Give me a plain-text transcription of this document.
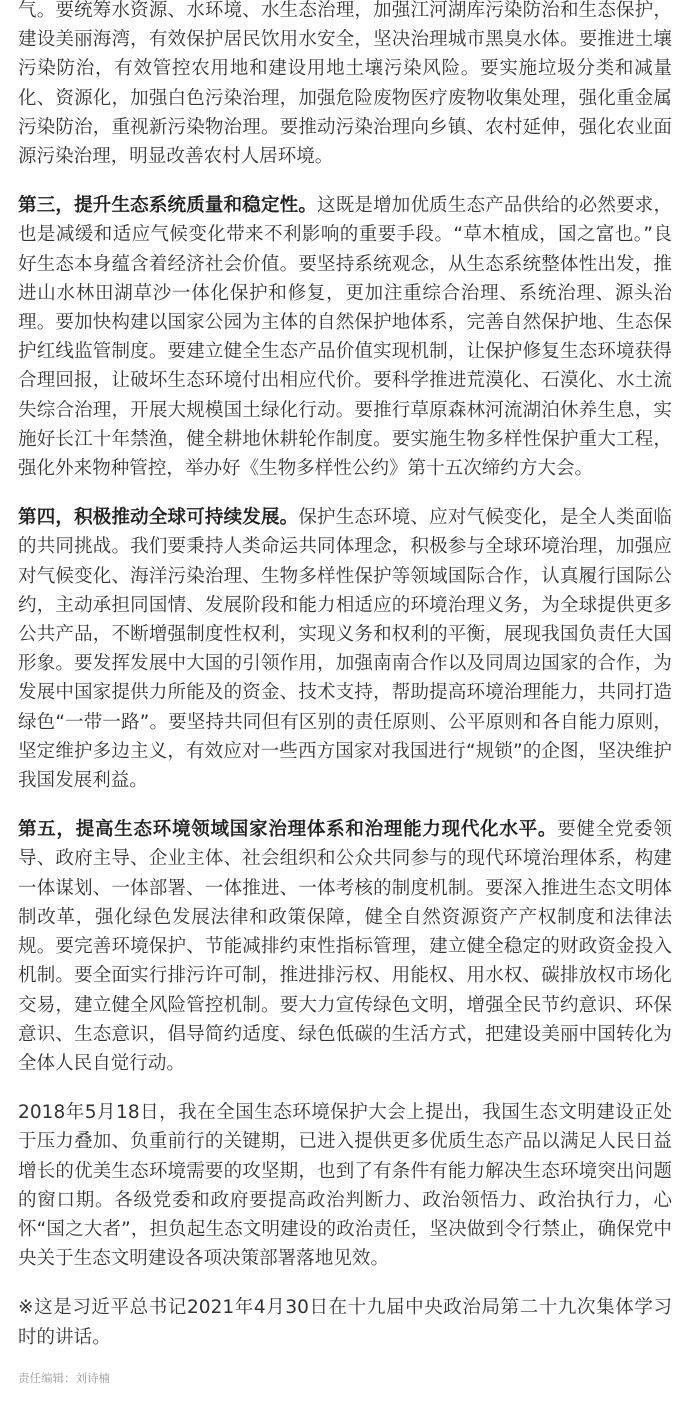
气。要统筹水资源、水环境、水生态治理，加强江河湖库污染防治和生态保护，建设美丽海湾，有效保护居民饮用水安全，坚决治理城市黑臭水体。要推进土壤污染防治，有效管控农用地和建设用地土壤污染风险。要实施垃圾分类和减量化、资源化，加强白色污染治理，加强危险废物医疗废物收集处理，强化重金属污染防治，重视新污染物治理。要推动污染治理向乡镇、农村延伸，强化农业面源污染治理，明显改善农村人居环境。

第三，提升生态系统质量和稳定性。这既是增加优质生态产品供给的必然要求，也是减缓和适应气候变化带来不利影响的重要手段。“草木植成，国之富也。”良好生态本身蕴含着经济社会价值。要坚持系统观念，从生态系统整体性出发，推进山水林田湖草沙一体化保护和修复，更加注重综合治理、系统治理、源头治理。要加快构建以国家公园为主体的自然保护地体系，完善自然保护地、生态保护红线监管制度。要建立健全生态产品价值实现机制，让保护修复生态环境获得合理回报，让破坏生态环境付出相应代价。要科学推进荒漠化、石漠化、水土流失综合治理，开展大规模国土绿化行动。要推行草原森林河流湖泊休养生息，实施好长江十年禁渔，健全耕地休耕轮作制度。要实施生物多样性保护重大工程，强化外来物种管控，举办好《生物多样性公约》第十五次缔约方大会。

第四，积极推动全球可持续发展。保护生态环境、应对气候变化，是全人类面临的共同挑战。我们要秉持人类命运共同体理念，积极参与全球环境治理，加强应对气候变化、海洋污染治理、生物多样性保护等领域国际合作，认真履行国际公约，主动承担同国情、发展阶段和能力相适应的环境治理义务，为全球提供更多公共产品，不断增强制度性权利，实现义务和权利的平衡，展现我国负责任大国形象。要发挥发展中大国的引领作用，加强南南合作以及同周边国家的合作，为发展中国家提供力所能及的资金、技术支持，帮助提高环境治理能力，共同打造绿色“一带一路”。要坚持共同但有区别的责任原则、公平原则和各自能力原则，坚定维护多边主义，有效应对一些西方国家对我国进行“规锁”的企图，坚决维护我国发展利益。

第五，提高生态环境领域国家治理体系和治理能力现代化水平。要健全党委领导、政府主导、企业主体、社会组织和公众共同参与的现代环境治理体系，构建一体谋划、一体部署、一体推进、一体考核的制度机制。要深入推进生态文明体制改革，强化绿色发展法律和政策保障，健全自然资源资产产权制度和法律法规。要完善环境保护、节能减排约束性指标管理，建立健全稳定的财政资金投入机制。要全面实行排污许可制，推进排污权、用能权、用水权、碳排放权市场化交易，建立健全风险管控机制。要大力宣传绿色文明，增强全民节约意识、环保意识、生态意识，倡导简约适度、绿色低碳的生活方式，把建设美丽中国转化为全体人民自觉行动。

2018年5月18日，我在全国生态环境保护大会上提出，我国生态文明建设正处于压力叠加、负重前行的关键期，已进入提供更多优质生态产品以满足人民日益增长的优美生态环境需要的攻坚期，也到了有条件有能力解决生态环境突出问题的窗口期。各级党委和政府要提高政治判断力、政治领悟力、政治执行力，心怀“国之大者”，担负起生态文明建设的政治责任，坚决做到令行禁止，确保党中央关于生态文明建设各项决策部署落地见效。

※这是习近平总书记2021年4月30日在十九届中央政治局第二十九次集体学习时的讲话。

责任编辑：刘诗楠
